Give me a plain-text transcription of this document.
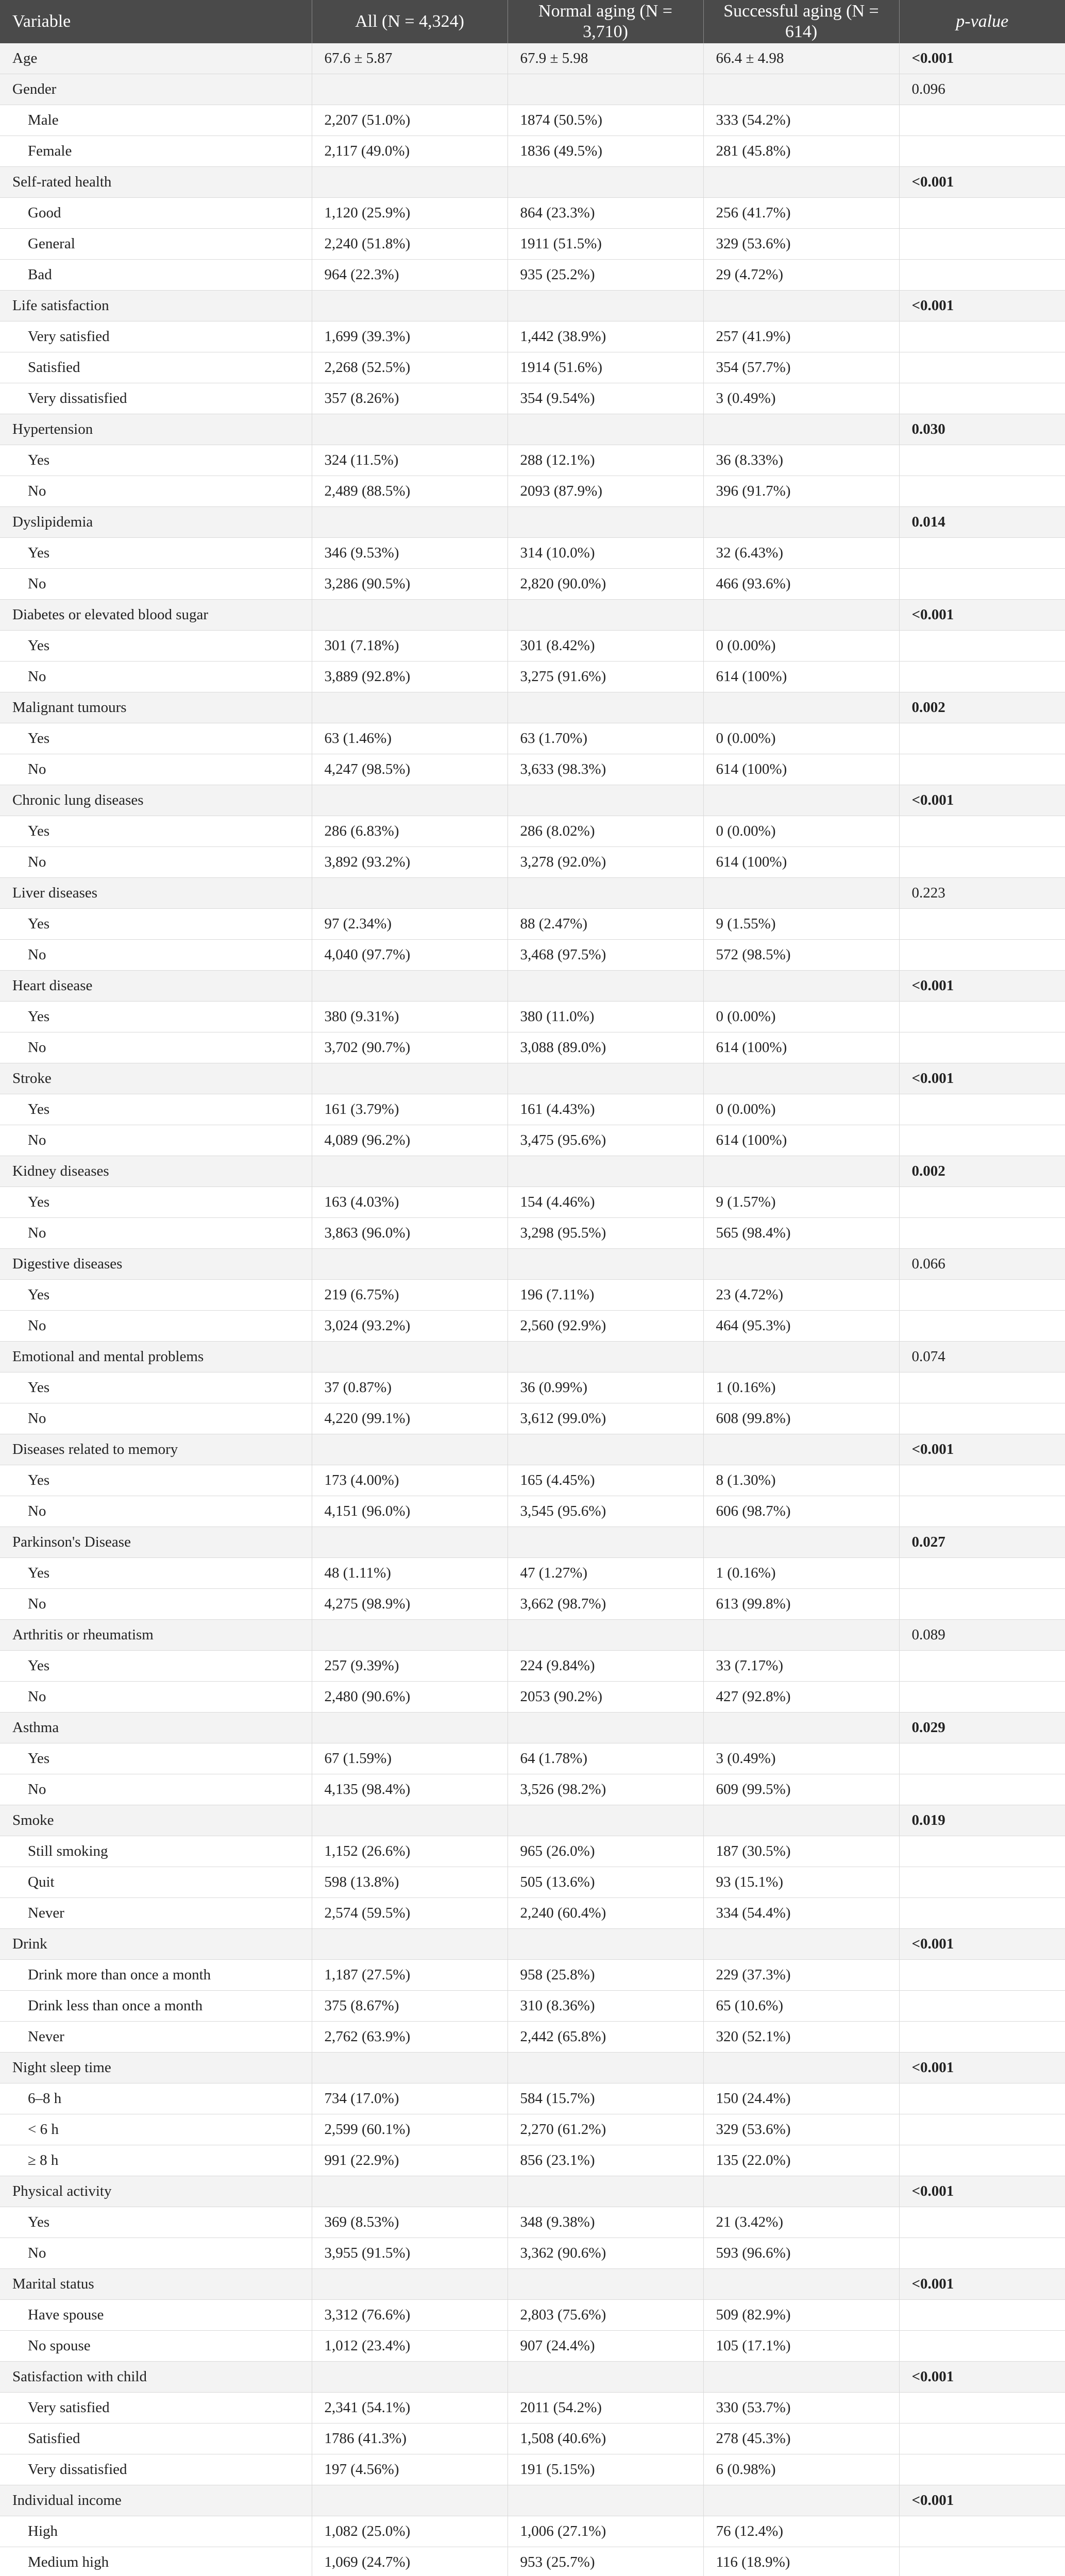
Variable	All (N = 4,324)	Normal aging (N = 3,710)	Successful aging (N = 614)	p-value
Age	67.6 ± 5.87	67.9 ± 5.98	66.4 ± 4.98	<0.001
Gender				0.096
Male	2,207 (51.0%)	1874 (50.5%)	333 (54.2%)	
Female	2,117 (49.0%)	1836 (49.5%)	281 (45.8%)	
Self-rated health				<0.001
Good	1,120 (25.9%)	864 (23.3%)	256 (41.7%)	
General	2,240 (51.8%)	1911 (51.5%)	329 (53.6%)	
Bad	964 (22.3%)	935 (25.2%)	29 (4.72%)	
Life satisfaction				<0.001
Very satisfied	1,699 (39.3%)	1,442 (38.9%)	257 (41.9%)	
Satisfied	2,268 (52.5%)	1914 (51.6%)	354 (57.7%)	
Very dissatisfied	357 (8.26%)	354 (9.54%)	3 (0.49%)	
Hypertension				0.030
Yes	324 (11.5%)	288 (12.1%)	36 (8.33%)	
No	2,489 (88.5%)	2093 (87.9%)	396 (91.7%)	
Dyslipidemia				0.014
Yes	346 (9.53%)	314 (10.0%)	32 (6.43%)	
No	3,286 (90.5%)	2,820 (90.0%)	466 (93.6%)	
Diabetes or elevated blood sugar				<0.001
Yes	301 (7.18%)	301 (8.42%)	0 (0.00%)	
No	3,889 (92.8%)	3,275 (91.6%)	614 (100%)	
Malignant tumours				0.002
Yes	63 (1.46%)	63 (1.70%)	0 (0.00%)	
No	4,247 (98.5%)	3,633 (98.3%)	614 (100%)	
Chronic lung diseases				<0.001
Yes	286 (6.83%)	286 (8.02%)	0 (0.00%)	
No	3,892 (93.2%)	3,278 (92.0%)	614 (100%)	
Liver diseases				0.223
Yes	97 (2.34%)	88 (2.47%)	9 (1.55%)	
No	4,040 (97.7%)	3,468 (97.5%)	572 (98.5%)	
Heart disease				<0.001
Yes	380 (9.31%)	380 (11.0%)	0 (0.00%)	
No	3,702 (90.7%)	3,088 (89.0%)	614 (100%)	
Stroke				<0.001
Yes	161 (3.79%)	161 (4.43%)	0 (0.00%)	
No	4,089 (96.2%)	3,475 (95.6%)	614 (100%)	
Kidney diseases				0.002
Yes	163 (4.03%)	154 (4.46%)	9 (1.57%)	
No	3,863 (96.0%)	3,298 (95.5%)	565 (98.4%)	
Digestive diseases				0.066
Yes	219 (6.75%)	196 (7.11%)	23 (4.72%)	
No	3,024 (93.2%)	2,560 (92.9%)	464 (95.3%)	
Emotional and mental problems				0.074
Yes	37 (0.87%)	36 (0.99%)	1 (0.16%)	
No	4,220 (99.1%)	3,612 (99.0%)	608 (99.8%)	
Diseases related to memory				<0.001
Yes	173 (4.00%)	165 (4.45%)	8 (1.30%)	
No	4,151 (96.0%)	3,545 (95.6%)	606 (98.7%)	
Parkinson's Disease				0.027
Yes	48 (1.11%)	47 (1.27%)	1 (0.16%)	
No	4,275 (98.9%)	3,662 (98.7%)	613 (99.8%)	
Arthritis or rheumatism				0.089
Yes	257 (9.39%)	224 (9.84%)	33 (7.17%)	
No	2,480 (90.6%)	2053 (90.2%)	427 (92.8%)	
Asthma				0.029
Yes	67 (1.59%)	64 (1.78%)	3 (0.49%)	
No	4,135 (98.4%)	3,526 (98.2%)	609 (99.5%)	
Smoke				0.019
Still smoking	1,152 (26.6%)	965 (26.0%)	187 (30.5%)	
Quit	598 (13.8%)	505 (13.6%)	93 (15.1%)	
Never	2,574 (59.5%)	2,240 (60.4%)	334 (54.4%)	
Drink				<0.001
Drink more than once a month	1,187 (27.5%)	958 (25.8%)	229 (37.3%)	
Drink less than once a month	375 (8.67%)	310 (8.36%)	65 (10.6%)	
Never	2,762 (63.9%)	2,442 (65.8%)	320 (52.1%)	
Night sleep time				<0.001
6–8 h	734 (17.0%)	584 (15.7%)	150 (24.4%)	
< 6 h	2,599 (60.1%)	2,270 (61.2%)	329 (53.6%)	
≥ 8 h	991 (22.9%)	856 (23.1%)	135 (22.0%)	
Physical activity				<0.001
Yes	369 (8.53%)	348 (9.38%)	21 (3.42%)	
No	3,955 (91.5%)	3,362 (90.6%)	593 (96.6%)	
Marital status				<0.001
Have spouse	3,312 (76.6%)	2,803 (75.6%)	509 (82.9%)	
No spouse	1,012 (23.4%)	907 (24.4%)	105 (17.1%)	
Satisfaction with child				<0.001
Very satisfied	2,341 (54.1%)	2011 (54.2%)	330 (53.7%)	
Satisfied	1786 (41.3%)	1,508 (40.6%)	278 (45.3%)	
Very dissatisfied	197 (4.56%)	191 (5.15%)	6 (0.98%)	
Individual income				<0.001
High	1,082 (25.0%)	1,006 (27.1%)	76 (12.4%)	
Medium high	1,069 (24.7%)	953 (25.7%)	116 (18.9%)	
